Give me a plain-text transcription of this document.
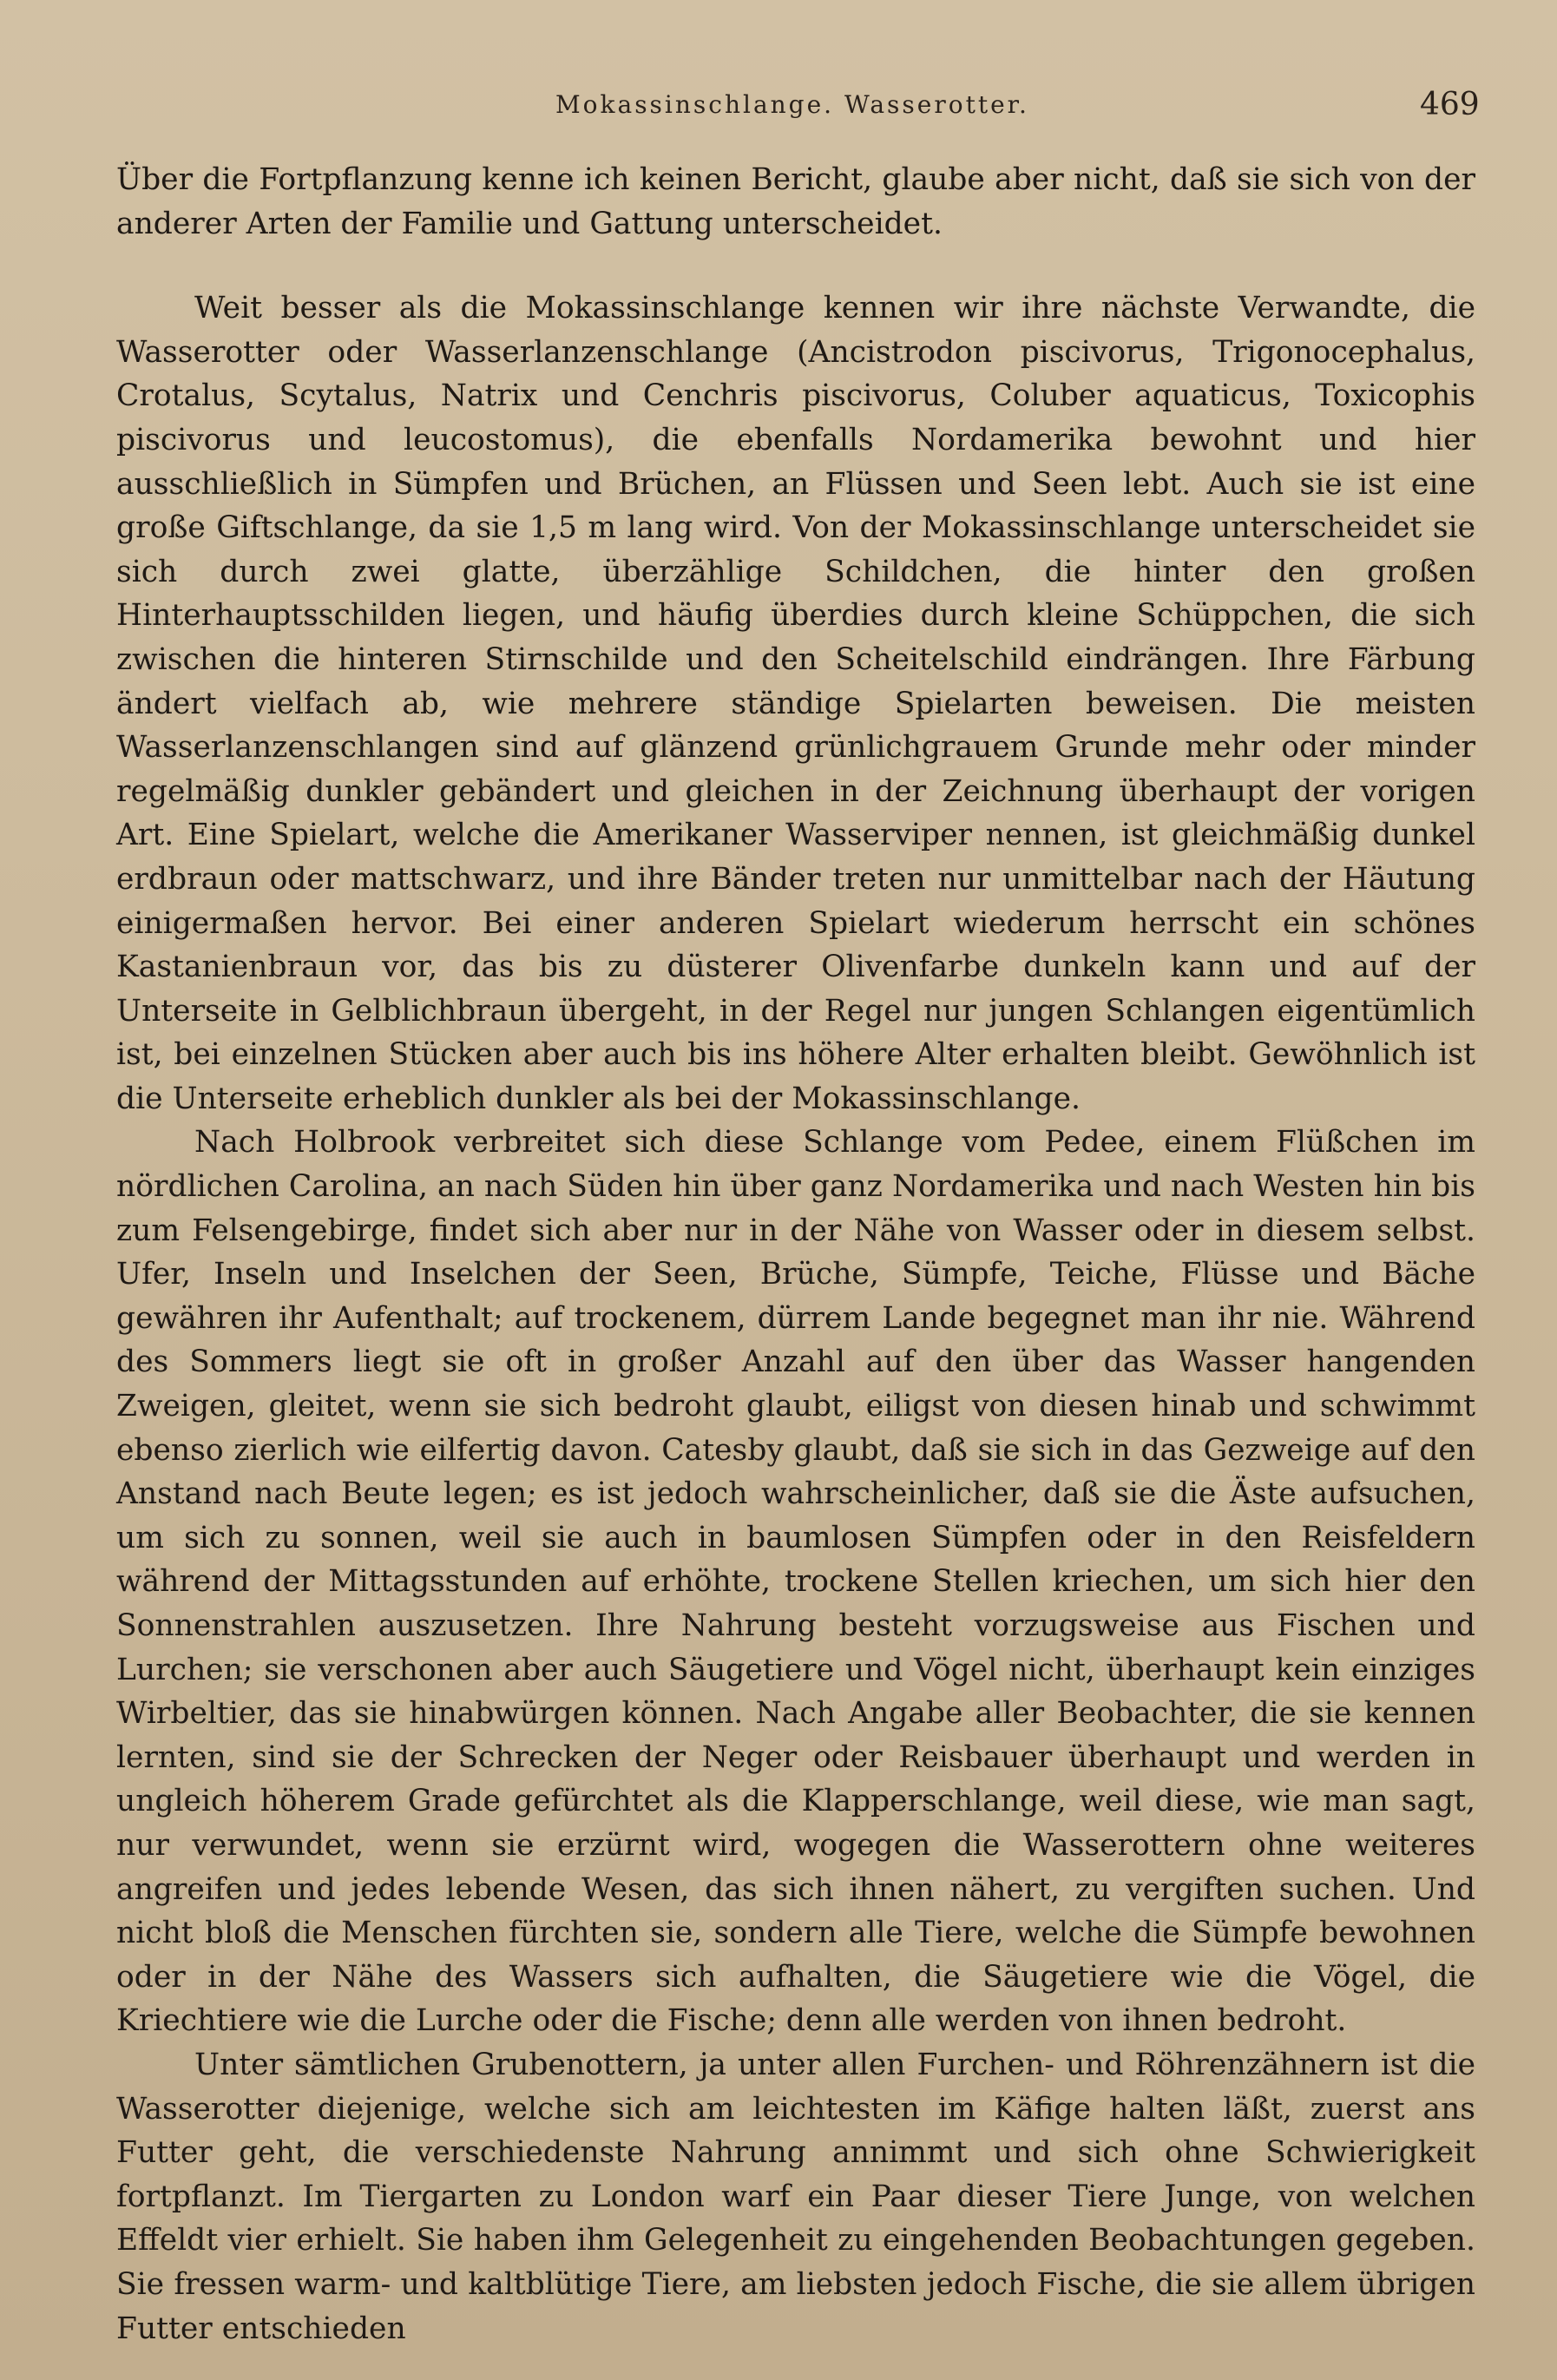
Mokassinschlange. Wasserotter.	469

Über die Fortpflanzung kenne ich keinen Bericht, glaube aber nicht, daß sie sich von der anderer Arten der Familie und Gattung unterscheidet.

Weit besser als die Mokassinschlange kennen wir ihre nächste Verwandte, die Wasserotter oder Wasserlanzenschlange (Ancistrodon piscivorus, Trigonocephalus, Crotalus, Scytalus, Natrix und Cenchris piscivorus, Coluber aquaticus, Toxicophis piscivorus und leucostomus), die ebenfalls Nordamerika bewohnt und hier ausschließlich in Sümpfen und Brüchen, an Flüssen und Seen lebt. Auch sie ist eine große Giftschlange, da sie 1,5 m lang wird. Von der Mokassinschlange unterscheidet sie sich durch zwei glatte, überzählige Schildchen, die hinter den großen Hinterhauptsschilden liegen, und häufig überdies durch kleine Schüppchen, die sich zwischen die hinteren Stirnschilde und den Scheitelschild eindrängen. Ihre Färbung ändert vielfach ab, wie mehrere ständige Spielarten beweisen. Die meisten Wasserlanzenschlangen sind auf glänzend grünlichgrauem Grunde mehr oder minder regelmäßig dunkler gebändert und gleichen in der Zeichnung überhaupt der vorigen Art. Eine Spielart, welche die Amerikaner Wasserviper nennen, ist gleichmäßig dunkel erdbraun oder mattschwarz, und ihre Bänder treten nur unmittelbar nach der Häutung einigermaßen hervor. Bei einer anderen Spielart wiederum herrscht ein schönes Kastanienbraun vor, das bis zu düsterer Olivenfarbe dunkeln kann und auf der Unterseite in Gelblichbraun übergeht, in der Regel nur jungen Schlangen eigentümlich ist, bei einzelnen Stücken aber auch bis ins höhere Alter erhalten bleibt. Gewöhnlich ist die Unterseite erheblich dunkler als bei der Mokassinschlange.

Nach Holbrook verbreitet sich diese Schlange vom Pedee, einem Flüßchen im nördlichen Carolina, an nach Süden hin über ganz Nordamerika und nach Westen hin bis zum Felsengebirge, findet sich aber nur in der Nähe von Wasser oder in diesem selbst. Ufer, Inseln und Inselchen der Seen, Brüche, Sümpfe, Teiche, Flüsse und Bäche gewähren ihr Aufenthalt; auf trockenem, dürrem Lande begegnet man ihr nie. Während des Sommers liegt sie oft in großer Anzahl auf den über das Wasser hangenden Zweigen, gleitet, wenn sie sich bedroht glaubt, eiligst von diesen hinab und schwimmt ebenso zierlich wie eilfertig davon. Catesby glaubt, daß sie sich in das Gezweige auf den Anstand nach Beute legen; es ist jedoch wahrscheinlicher, daß sie die Äste aufsuchen, um sich zu sonnen, weil sie auch in baumlosen Sümpfen oder in den Reisfeldern während der Mittagsstunden auf erhöhte, trockene Stellen kriechen, um sich hier den Sonnenstrahlen auszusetzen. Ihre Nahrung besteht vorzugsweise aus Fischen und Lurchen; sie verschonen aber auch Säugetiere und Vögel nicht, überhaupt kein einziges Wirbeltier, das sie hinabwürgen können. Nach Angabe aller Beobachter, die sie kennen lernten, sind sie der Schrecken der Neger oder Reisbauer überhaupt und werden in ungleich höherem Grade gefürchtet als die Klapperschlange, weil diese, wie man sagt, nur verwundet, wenn sie erzürnt wird, wogegen die Wasserottern ohne weiteres angreifen und jedes lebende Wesen, das sich ihnen nähert, zu vergiften suchen. Und nicht bloß die Menschen fürchten sie, sondern alle Tiere, welche die Sümpfe bewohnen oder in der Nähe des Wassers sich aufhalten, die Säugetiere wie die Vögel, die Kriechtiere wie die Lurche oder die Fische; denn alle werden von ihnen bedroht.

Unter sämtlichen Grubenottern, ja unter allen Furchen- und Röhrenzähnern ist die Wasserotter diejenige, welche sich am leichtesten im Käfige halten läßt, zuerst ans Futter geht, die verschiedenste Nahrung annimmt und sich ohne Schwierigkeit fortpflanzt. Im Tiergarten zu London warf ein Paar dieser Tiere Junge, von welchen Effeldt vier erhielt. Sie haben ihm Gelegenheit zu eingehenden Beobachtungen gegeben. Sie fressen warm- und kaltblütige Tiere, am liebsten jedoch Fische, die sie allem übrigen Futter entschieden
